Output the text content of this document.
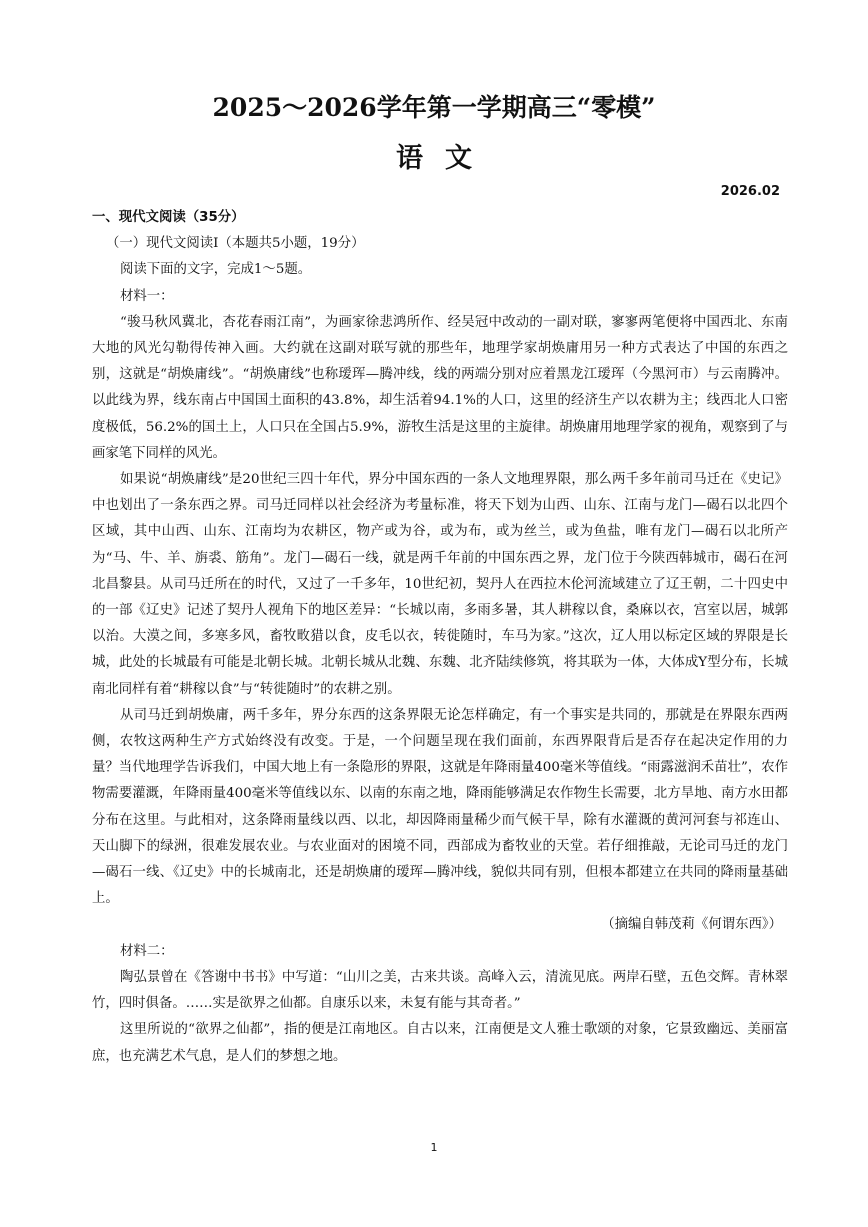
2025～2026学年第一学期高三“零模”
语文
2026.02

一、现代文阅读（35分）

（一）现代文阅读Ⅰ（本题共5小题，19分）

阅读下面的文字，完成1～5题。

材料一：

“骏马秋风冀北，杏花春雨江南”，为画家徐悲鸿所作、经吴冠中改动的一副对联，寥寥两笔便将中国西北、东南大地的风光勾勒得传神入画。大约就在这副对联写就的那些年，地理学家胡焕庸用另一种方式表达了中国的东西之别，这就是“胡焕庸线”。“胡焕庸线”也称瑷珲—腾冲线，线的两端分别对应着黑龙江瑷珲（今黑河市）与云南腾冲。以此线为界，线东南占中国国土面积的43.8%，却生活着94.1%的人口，这里的经济生产以农耕为主；线西北人口密度极低，56.2%的国土上，人口只在全国占5.9%，游牧生活是这里的主旋律。胡焕庸用地理学家的视角，观察到了与画家笔下同样的风光。

如果说“胡焕庸线”是20世纪三四十年代，界分中国东西的一条人文地理界限，那么两千多年前司马迁在《史记》中也划出了一条东西之界。司马迁同样以社会经济为考量标准，将天下划为山西、山东、江南与龙门—碣石以北四个区域，其中山西、山东、江南均为农耕区，物产或为谷，或为布，或为丝兰，或为鱼盐，唯有龙门—碣石以北所产为“马、牛、羊、旃裘、筋角”。龙门—碣石一线，就是两千年前的中国东西之界，龙门位于今陕西韩城市，碣石在河北昌黎县。从司马迁所在的时代，又过了一千多年，10世纪初，契丹人在西拉木伦河流域建立了辽王朝，二十四史中的一部《辽史》记述了契丹人视角下的地区差异：“长城以南，多雨多暑，其人耕稼以食，桑麻以衣，宫室以居，城郭以治。大漠之间，多寒多风，畜牧畋猎以食，皮毛以衣，转徙随时，车马为家。”这次，辽人用以标定区域的界限是长城，此处的长城最有可能是北朝长城。北朝长城从北魏、东魏、北齐陆续修筑，将其联为一体，大体成Y型分布，长城南北同样有着“耕稼以食”与“转徙随时”的农耕之别。

从司马迁到胡焕庸，两千多年，界分东西的这条界限无论怎样确定，有一个事实是共同的，那就是在界限东西两侧，农牧这两种生产方式始终没有改变。于是，一个问题呈现在我们面前，东西界限背后是否存在起决定作用的力量？当代地理学告诉我们，中国大地上有一条隐形的界限，这就是年降雨量400毫米等值线。“雨露滋润禾苗壮”，农作物需要灌溉，年降雨量400毫米等值线以东、以南的东南之地，降雨能够满足农作物生长需要，北方旱地、南方水田都分布在这里。与此相对，这条降雨量线以西、以北，却因降雨量稀少而气候干旱，除有水灌溉的黄河河套与祁连山、天山脚下的绿洲，很难发展农业。与农业面对的困境不同，西部成为畜牧业的天堂。若仔细推敲，无论司马迁的龙门—碣石一线、《辽史》中的长城南北，还是胡焕庸的瑷珲—腾冲线，貌似共同有别，但根本都建立在共同的降雨量基础上。

（摘编自韩茂莉《何谓东西》）

材料二：

陶弘景曾在《答谢中书书》中写道：“山川之美，古来共谈。高峰入云，清流见底。两岸石壁，五色交辉。青林翠竹，四时俱备。……实是欲界之仙都。自康乐以来，未复有能与其奇者。”

这里所说的“欲界之仙都”，指的便是江南地区。自古以来，江南便是文人雅士歌颂的对象，它景致幽远、美丽富庶，也充满艺术气息，是人们的梦想之地。

1
